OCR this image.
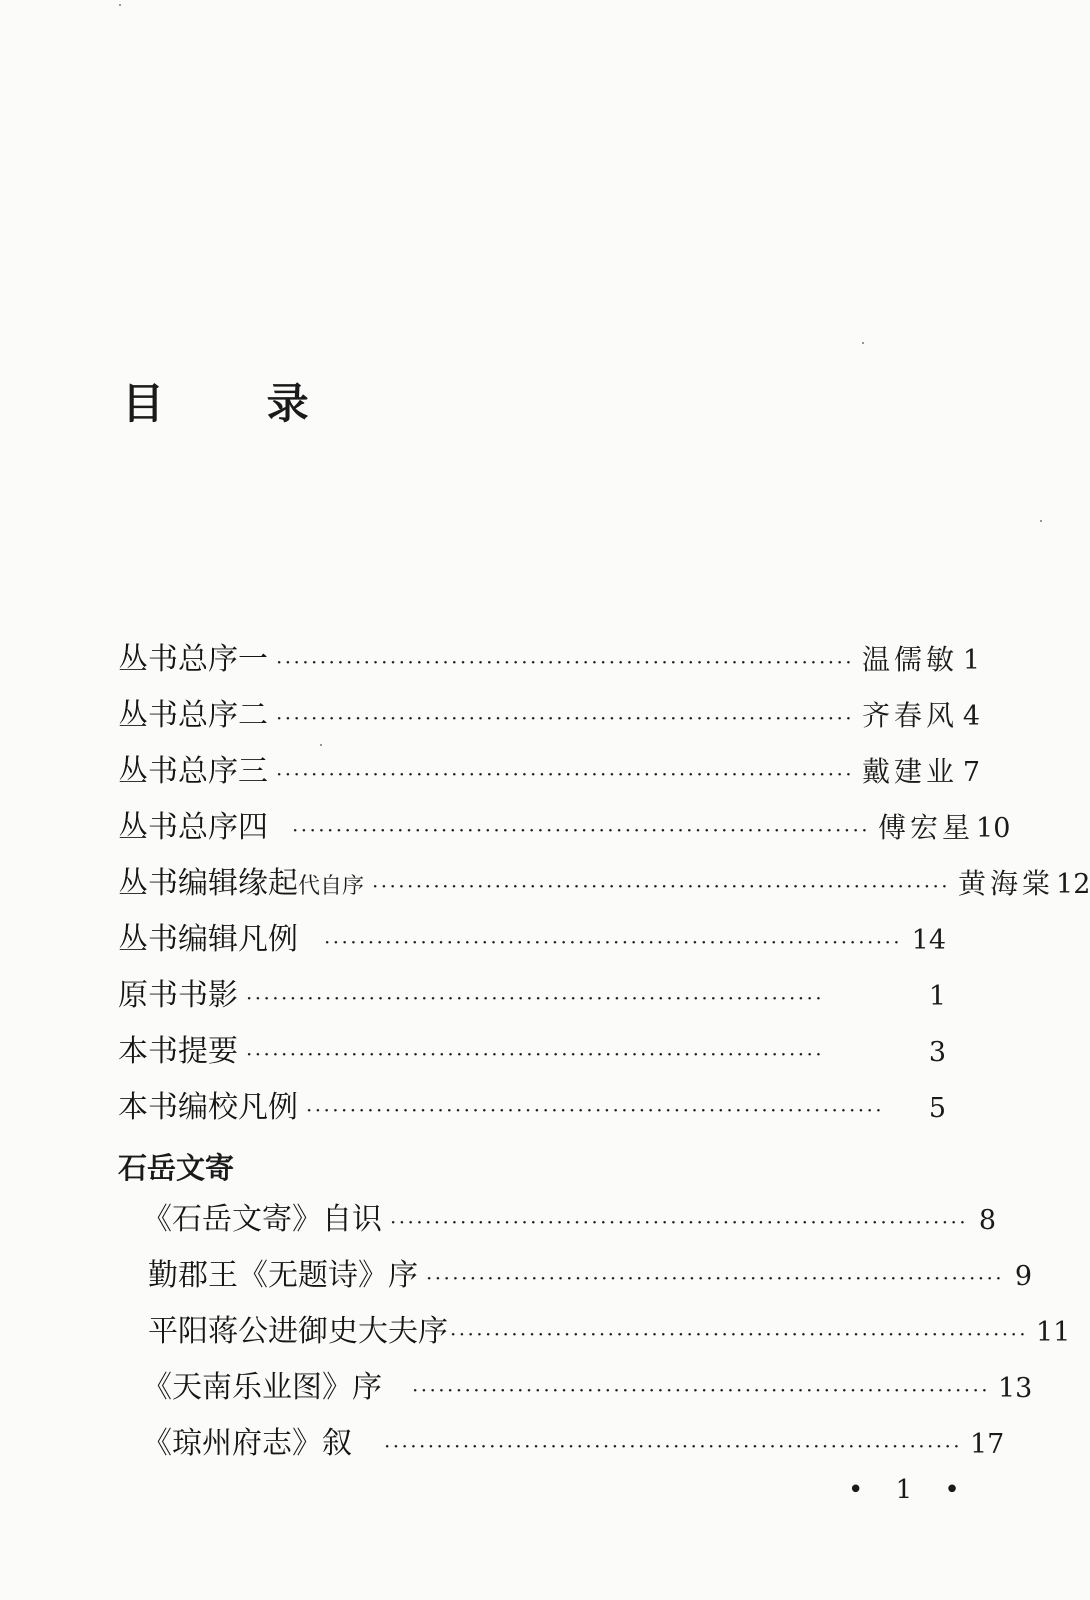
目 录
丛书总序一 ·································································· 温儒敏 1
丛书总序二 ·································································· 齐春风 4
丛书总序三 ·································································· 戴建业 7
丛书总序四 ·································································· 傅宏星 10
丛书编辑缘起 代自序 ·································································· 黄海棠 12
丛书编辑凡例 ·································································· 14
原书书影 ··································································	1
本书提要 ··································································	3
本书编校凡例 ··································································	5
石岳文寄
《石岳文寄》自识 ·································································· 8
勤郡王《无题诗》序 ·································································· 9
平阳蒋公进御史大夫序 ·································································· 11
《天南乐业图》序 ·································································· 13
《琼州府志》叙 ·································································· 17
• 1 •
